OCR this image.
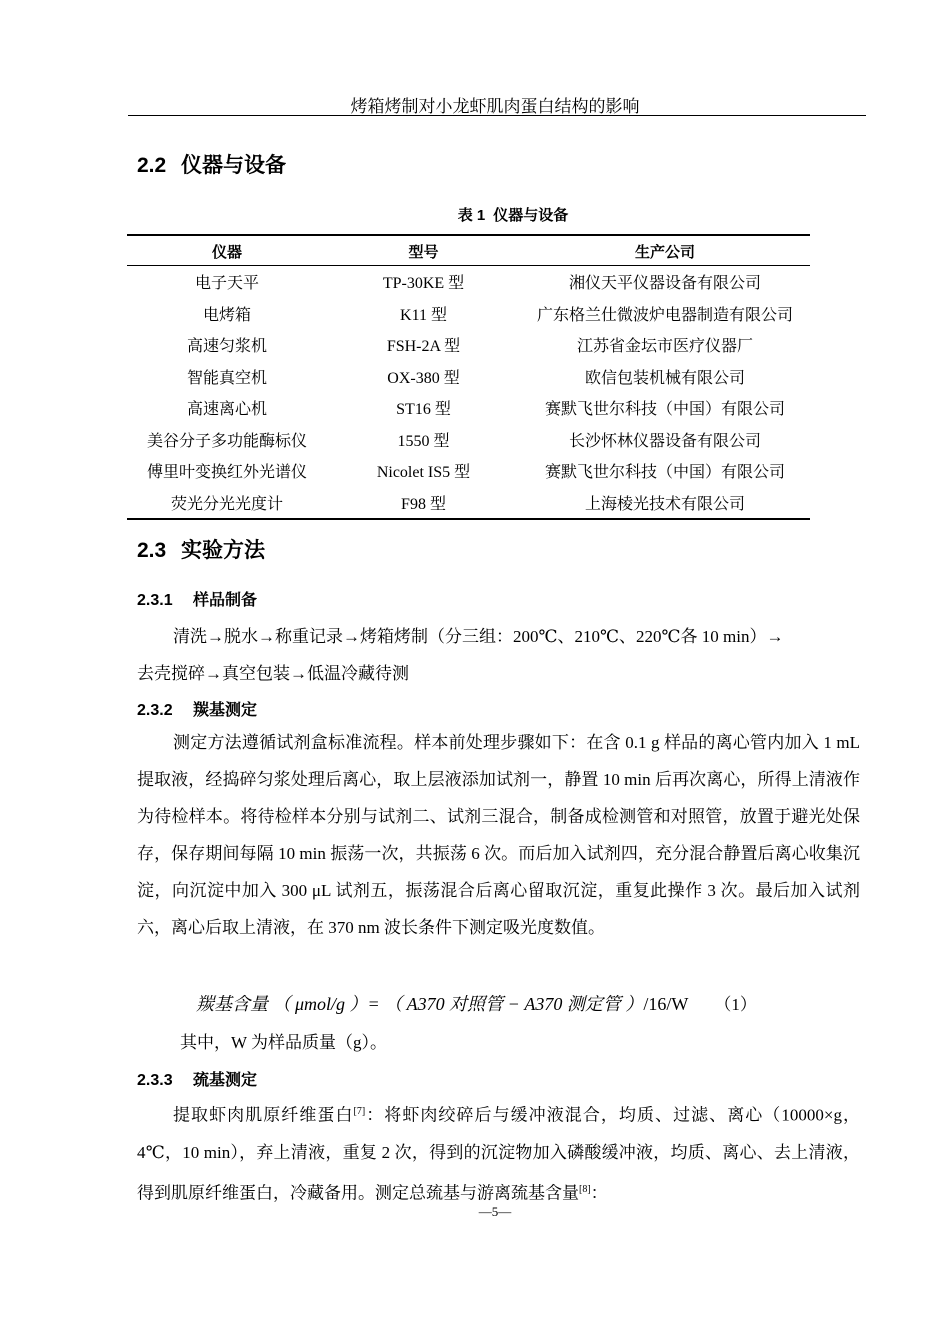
烤箱烤制对小龙虾肌肉蛋白结构的影响
2.2 仪器与设备
表 1 仪器与设备
仪器	型号	生产公司
电子天平	TP-30KE 型	湘仪天平仪器设备有限公司
电烤箱	K11 型	广东格兰仕微波炉电器制造有限公司
高速匀浆机	FSH-2A 型	江苏省金坛市医疗仪器厂
智能真空机	OX-380 型	欧信包装机械有限公司
高速离心机	ST16 型	赛默飞世尔科技（中国）有限公司
美谷分子多功能酶标仪	1550 型	长沙怀林仪器设备有限公司
傅里叶变换红外光谱仪	Nicolet IS5 型	赛默飞世尔科技（中国）有限公司
荧光分光光度计	F98 型	上海棱光技术有限公司
2.3 实验方法
2.3.1 样品制备
清洗→脱水→称重记录→烤箱烤制（分三组：200℃、210℃、220℃各 10 min）→
去壳搅碎→真空包装→低温冷藏待测
2.3.2 羰基测定
测定方法遵循试剂盒标准流程。样本前处理步骤如下：在含 0.1 g 样品的离心管内加入 1 mL 提取液，经捣碎匀浆处理后离心，取上层液添加试剂一，静置 10 min 后再次离心，所得上清液作为待检样本。将待检样本分别与试剂二、试剂三混合，制备成检测管和对照管，放置于避光处保存，保存期间每隔 10 min 振荡一次，共振荡 6 次。而后加入试剂四，充分混合静置后离心收集沉淀，向沉淀中加入 300 μL 试剂五，振荡混合后离心留取沉淀，重复此操作 3 次。最后加入试剂六，离心后取上清液，在 370 nm 波长条件下测定吸光度数值。
羰基含量 （ μmol/g ）= （ A370 对照管 − A370 测定管 ）/16/W （1）
其中，W 为样品质量（g）。
2.3.3 巯基测定
提取虾肉肌原纤维蛋白[7]：将虾肉绞碎后与缓冲液混合，均质、过滤、离心（10000×g，4℃，10 min），弃上清液，重复 2 次，得到的沉淀物加入磷酸缓冲液，均质、离心、去上清液，得到肌原纤维蛋白，冷藏备用。测定总巯基与游离巯基含量[8]：
—5—
